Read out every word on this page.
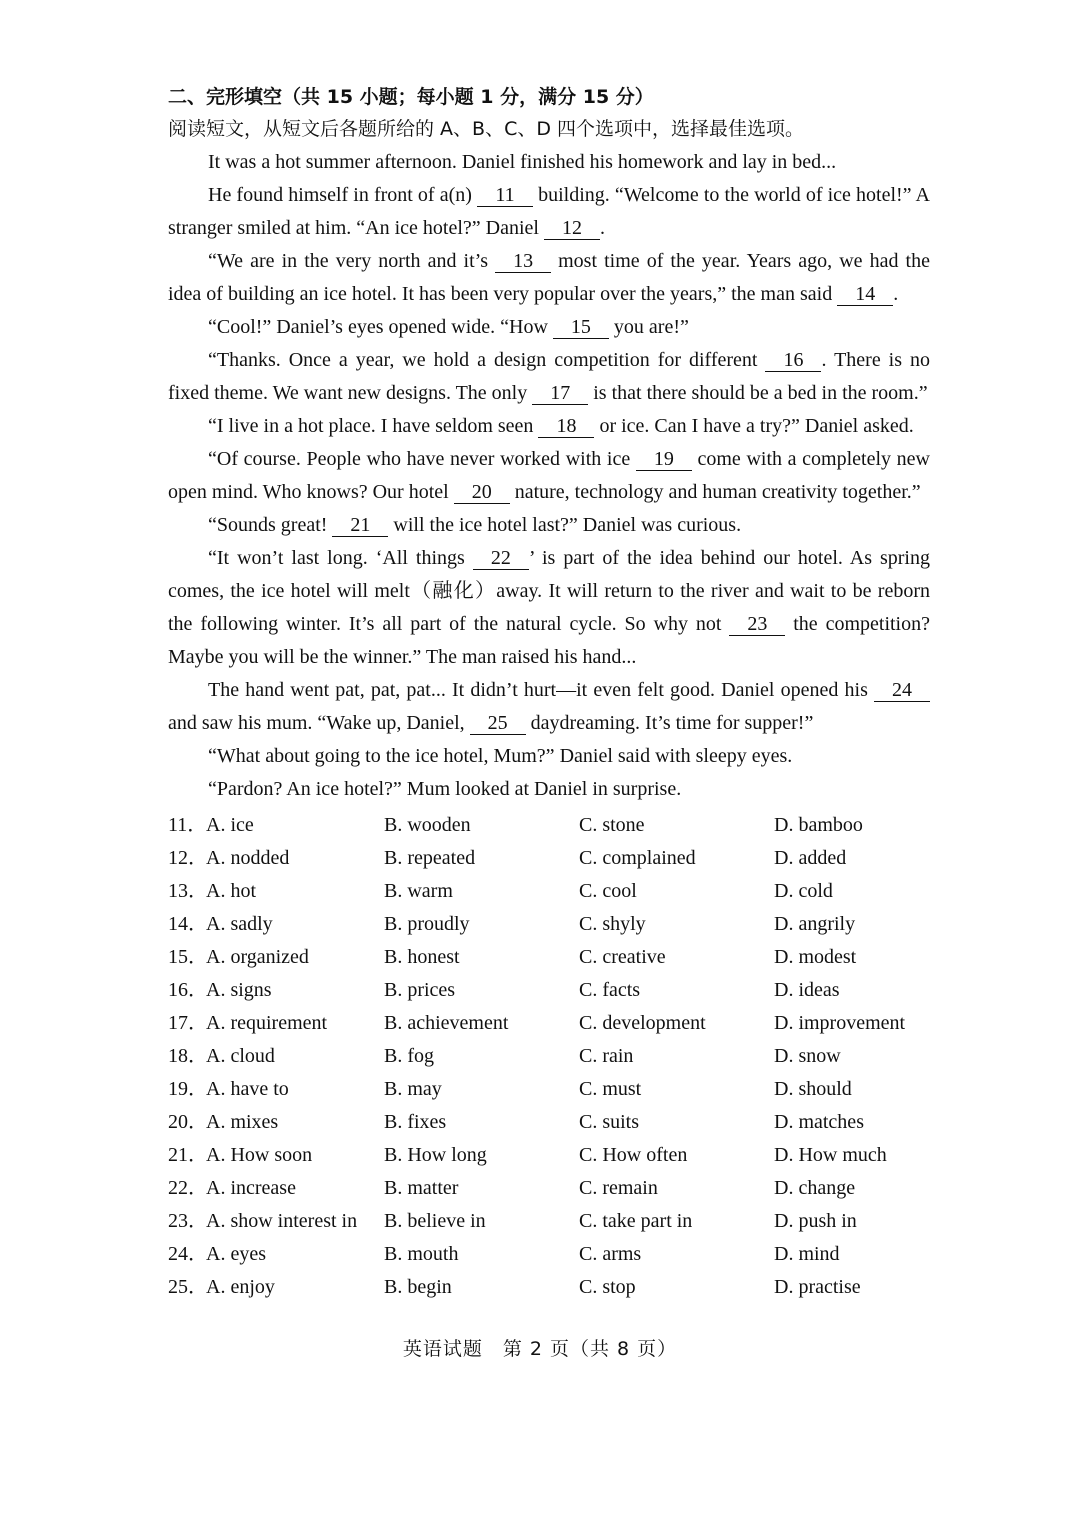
二、完形填空（共 15 小题；每小题 1 分，满分 15 分）
阅读短文，从短文后各题所给的 A、B、C、D 四个选项中，选择最佳选项。

It was a hot summer afternoon. Daniel finished his homework and lay in bed...

He found himself in front of a(n) 11 building. “Welcome to the world of ice hotel!” A stranger smiled at him. “An ice hotel?” Daniel 12 .

“We are in the very north and it’s 13 most time of the year. Years ago, we had the idea of building an ice hotel. It has been very popular over the years,” the man said 14 .

“Cool!” Daniel’s eyes opened wide. “How 15 you are!”

“Thanks. Once a year, we hold a design competition for different 16 . There is no fixed theme. We want new designs. The only 17 is that there should be a bed in the room.”

“I live in a hot place. I have seldom seen 18 or ice. Can I have a try?” Daniel asked.

“Of course. People who have never worked with ice 19 come with a completely new open mind. Who knows? Our hotel 20 nature, technology and human creativity together.”

“Sounds great! 21 will the ice hotel last?” Daniel was curious.

“It won’t last long. ‘All things 22 ’ is part of the idea behind our hotel. As spring comes, the ice hotel will melt（融化）away. It will return to the river and wait to be reborn the following winter. It’s all part of the natural cycle. So why not 23 the competition? Maybe you will be the winner.” The man raised his hand...

The hand went pat, pat, pat... It didn’t hurt—it even felt good. Daniel opened his 24 and saw his mum. “Wake up, Daniel, 25 daydreaming. It’s time for supper!”

“What about going to the ice hotel, Mum?” Daniel said with sleepy eyes.

“Pardon? An ice hotel?” Mum looked at Daniel in surprise.

11．
A. ice	B. wooden	C. stone	D. bamboo
12．
A. nodded	B. repeated	C. complained	D. added
13．
A. hot	B. warm	C. cool	D. cold
14．
A. sadly	B. proudly	C. shyly	D. angrily
15．
A. organized	B. honest	C. creative	D. modest
16．
A. signs	B. prices	C. facts	D. ideas
17．
A. requirement	B. achievement	C. development	D. improvement
18．
A. cloud	B. fog	C. rain	D. snow
19．
A. have to	B. may	C. must	D. should
20．
A. mixes	B. fixes	C. suits	D. matches
21．
A. How soon	B. How long	C. How often	D. How much
22．
A. increase	B. matter	C. remain	D. change
23．
A. show interest in B. believe in	C. take part in	D. push in
24．
A. eyes	B. mouth	C. arms	D. mind
25．
A. enjoy	B. begin	C. stop	D. practise
英语试题　第 2 页（共 8 页）
